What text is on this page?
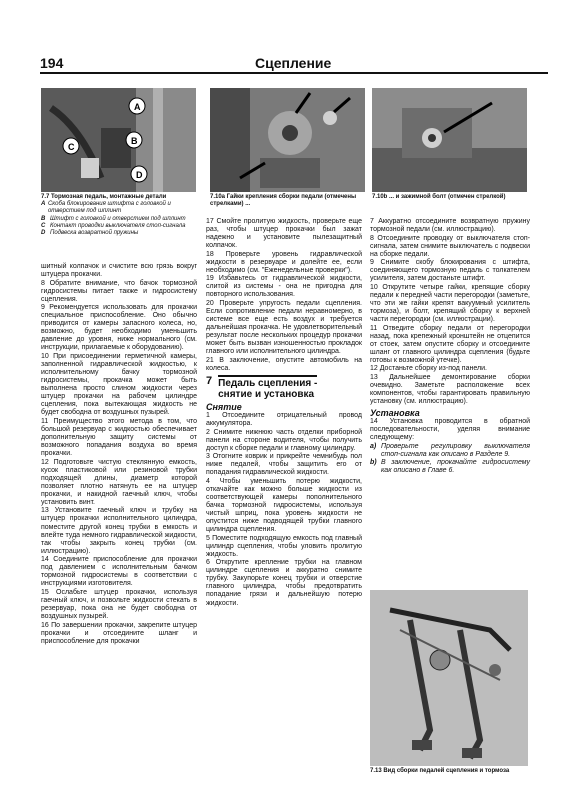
194	Сцепление
A
B
C
D
7.7 Тормозная педаль, монтажные детали
A Скоба блокирования штифта с головкой и отверстием под шплинт
B Штифт с головкой и отверстием под шплинт
C Контакт проводки выключателя стоп-сигнала
D Подвеска возвратной пружины
7.10a Гайки крепления сборки педали (отмечены стрелками) ...
7.10b ... и зажимной болт (отмечен стрелкой)

шитный колпачок и счистите всю грязь вокруг штуцера прокачки.

8 Обратите внимание, что бачок тормозной гидросистемы питает также и гидросистему сцепления.

9 Рекомендуется использовать для прокачки специальное приспособление. Оно обычно приводится от камеры запасного колеса, но, возможно, будет необходимо уменьшить давление до уровня, ниже нормального (см. инструкции, прилагаемые к оборудованию).

10 При присоединении герметичной камеры, заполненной гидравлической жидкостью, к исполнительному бачку тормозной гидросистемы, прокачка может быть выполнена просто слином жидкости через штуцер прокачки на рабочем цилиндре сцепления, пока вытекающая жидкость не будет свободна от воздушных пузырей.

11 Преимущество этого метода в том, что большой резервуар с жидкостью обеспечивает дополнительную защиту системы от возможного попадания воздуха во время прокачки.

12 Подготовьте чистую стеклянную емкость, кусок пластиковой или резиновой трубки подходящей длины, диаметр которой позволяет плотно натянуть ее на штуцер прокачки, и накидной гаечный ключ, чтобы установить винт.

13 Установите гаечный ключ и трубку на штуцер прокачки исполнительного цилиндра, поместите другой конец трубки в емкость и влейте туда немного гидравлической жидкости, так чтобы закрыть конец трубки (см. иллюстрацию).

14 Соедините приспособление для прокачки под давлением с исполнительным бачком тормозной гидросистемы в соответствии с инструкциями изготовителя.

15 Ослабьте штуцер прокачки, используя гаечный ключ, и позвольте жидкости стекать в резервуар, пока она не будет свободна от воздушных пузырей.

16 По завершении прокачки, закрепите штуцер прокачки и отсоедините шланг и приспособление для прокачки

17 Смойте пролитую жидкость, проверьте еще раз, чтобы штуцер прокачки был зажат надежно и установите пылезащитный колпачок.

18 Проверьте уровень гидравлической жидкости в резервуаре и долейте ее, если необходимо (см. "Еженедельные проверки").

19 Избавьтесь от гидравлической жидкости, слитой из системы - она не пригодна для повторного использования.

20 Проверьте упругость педали сцепления. Если сопротивление педали неравномерно, в системе все еще есть воздух и требуется дальнейшая прокачка. Не удовлетворительный результат после нескольких процедур прокачки может быть вызван изношенностью прокладок главного или исполнительного цилиндра.

21 В заключение, опустите автомобиль на колеса.

7 Педаль сцепления -
снятие и установка
Снятие

1 Отсоедините отрицательный провод аккумулятора.

2 Снимите нижнюю часть отделки приборной панели на стороне водителя, чтобы получить доступ к сборке педали и главному цилиндру.

3 Отогните коврик и прикрейте чемнибудь пол ниже педалей, чтобы защитить его от попадания гидравлической жидкости.

4 Чтобы уменьшить потерю жидкости, откачайте как можно больше жидкости из соответствующей камеры пополнительного бачка тормозной гидросистемы, используя чистый шприц, пока уровень жидкости не опустится ниже подводящей трубки главного цилиндра сцепления.

5 Поместите подходящую емкость под главный цилиндр сцепления, чтобы уловить пролитую жидкость.

6 Открутите крепление трубки на главном цилиндре сцепления и аккуратно снимите трубку. Закупорьте конец трубки и отверстие главного цилиндра, чтобы предотвратить попадание грязи и дальнейшую потерю жидкости.

7 Аккуратно отсоедините возвратную пружину тормозной педали (см. иллюстрацию).

8 Отсоедините проводку от выключателя стоп-сигнала, затем снимите выключатель с подвески на сборке педали.

9 Снимите скобу блокирования с штифта, соединяющего тормозную педаль с толкателем усилителя, затем достаньте штифт.

10 Открутите четыре гайки, крепящие сборку педали к передней части перегородки (заметьте, что эти же гайки крепят вакуумный усилитель тормоза), и болт, крепящий сборку к верхней части перегородки (см. иллюстрации).

11 Отведите сборку педали от перегородки назад, пока крепежный кронштейн не отцепится от стоек, затем опустите сборку и отсоедините шланг от главного цилиндра сцепления (будьте готовы к возможной утечке).

12 Достаньте сборку из-под панели.

13 Дальнейшее демонтирование сборки очевидно. Заметьте расположение всех компонентов, чтобы гарантировать правильную установку (см. иллюстрацию).

Установка

14 Установка проводится в обратной последовательности, уделяя внимание следующему:

a) Проверьте регулировку выключателя стоп-сигнала как описано в Разделе 9.
b) В заключение, прокачайте гидросистему как описано в Главе 6.
7.13 Вид сборки педалей сцепления и тормоза
